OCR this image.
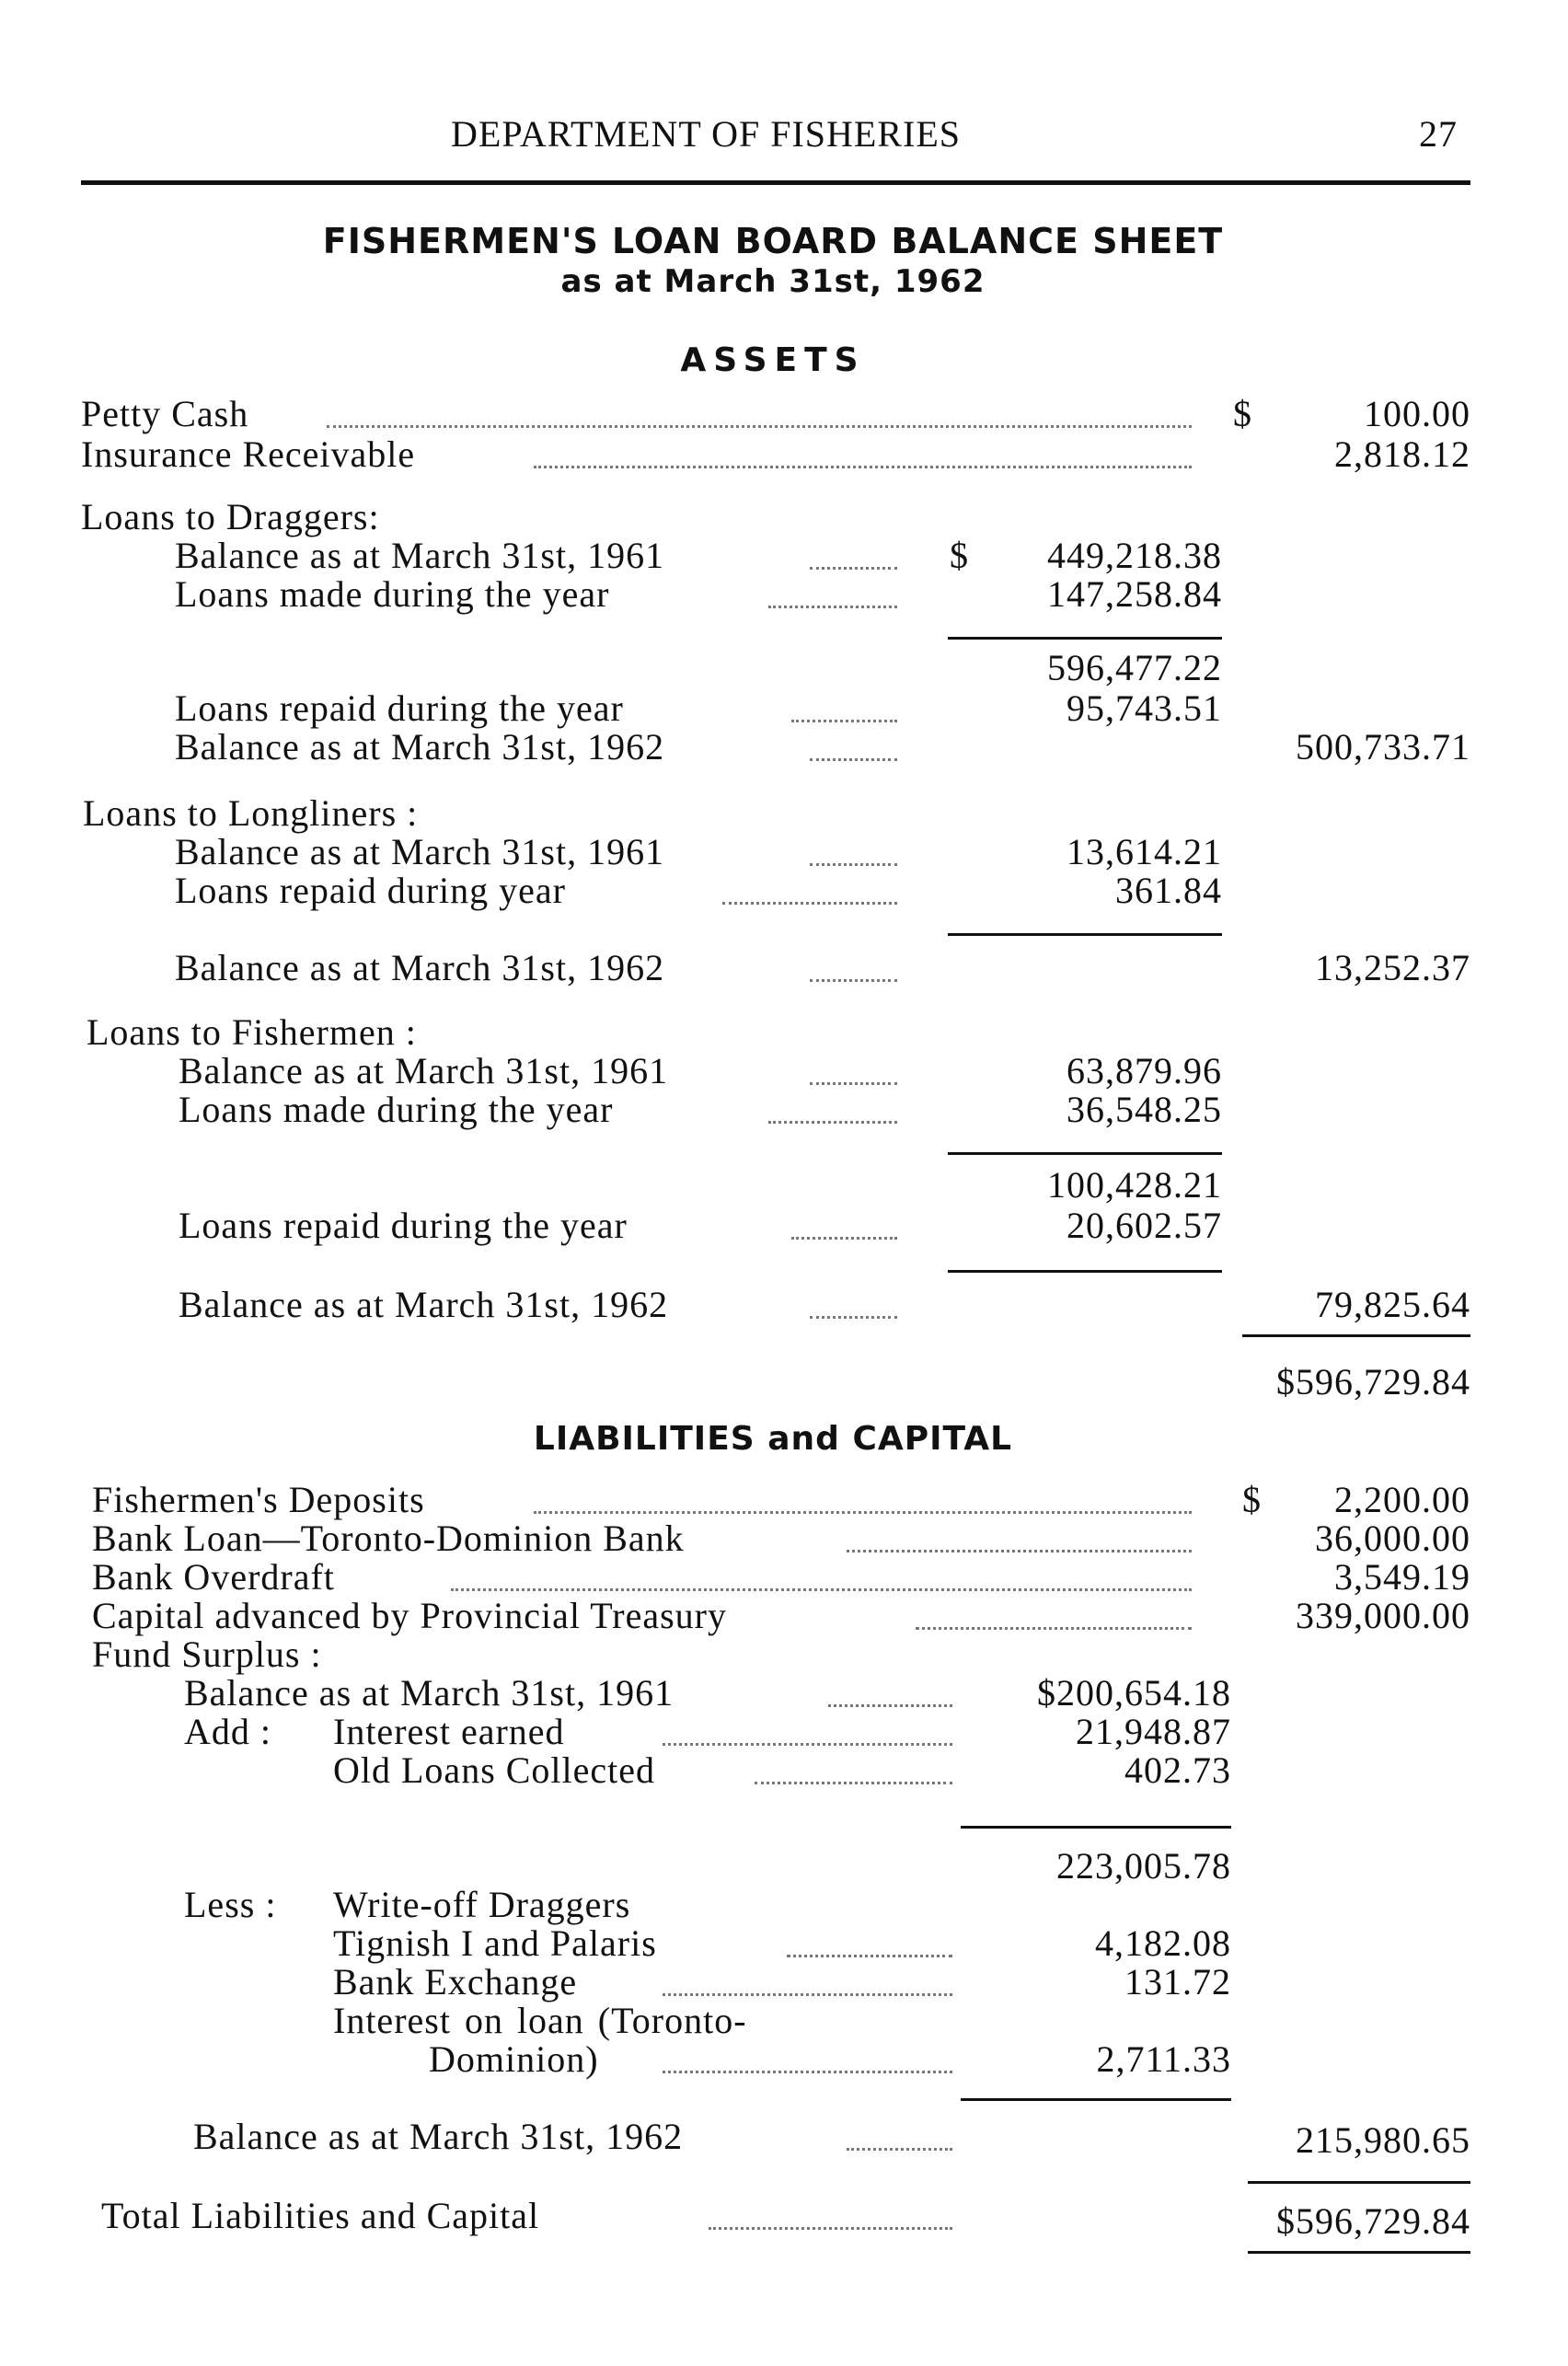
DEPARTMENT OF FISHERIES	27
FISHERMEN'S LOAN BOARD BALANCE SHEET
as at March 31st, 1962
ASSETS
Petty Cash	$	100.00
Insurance Receivable	2,818.12
Loans to Draggers:
Balance as at March 31st, 1961	$	449,218.38
Loans made during the year	147,258.84
596,477.22
Loans repaid during the year	95,743.51
Balance as at March 31st, 1962	500,733.71
Loans to Longliners :
Balance as at March 31st, 1961	13,614.21
Loans repaid during year	361.84
Balance as at March 31st, 1962	13,252.37
Loans to Fishermen :
Balance as at March 31st, 1961	63,879.96
Loans made during the year	36,548.25
100,428.21
Loans repaid during the year	20,602.57
Balance as at March 31st, 1962	79,825.64
$596,729.84
LIABILITIES and CAPITAL
Fishermen's Deposits	$	2,200.00
Bank Loan—Toronto-Dominion Bank	36,000.00
Bank Overdraft	3,549.19
Capital advanced by Provincial Treasury	339,000.00
Fund Surplus :
Balance as at March 31st, 1961	$200,654.18
Add : Interest earned	21,948.87
Old Loans Collected	402.73
223,005.78
Less : Write-off Draggers
Tignish I and Palaris	4,182.08
Bank Exchange	131.72
Interest on loan (Toronto-
Dominion)	2,711.33
Balance as at March 31st, 1962	215,980.65
Total Liabilities and Capital	$596,729.84
